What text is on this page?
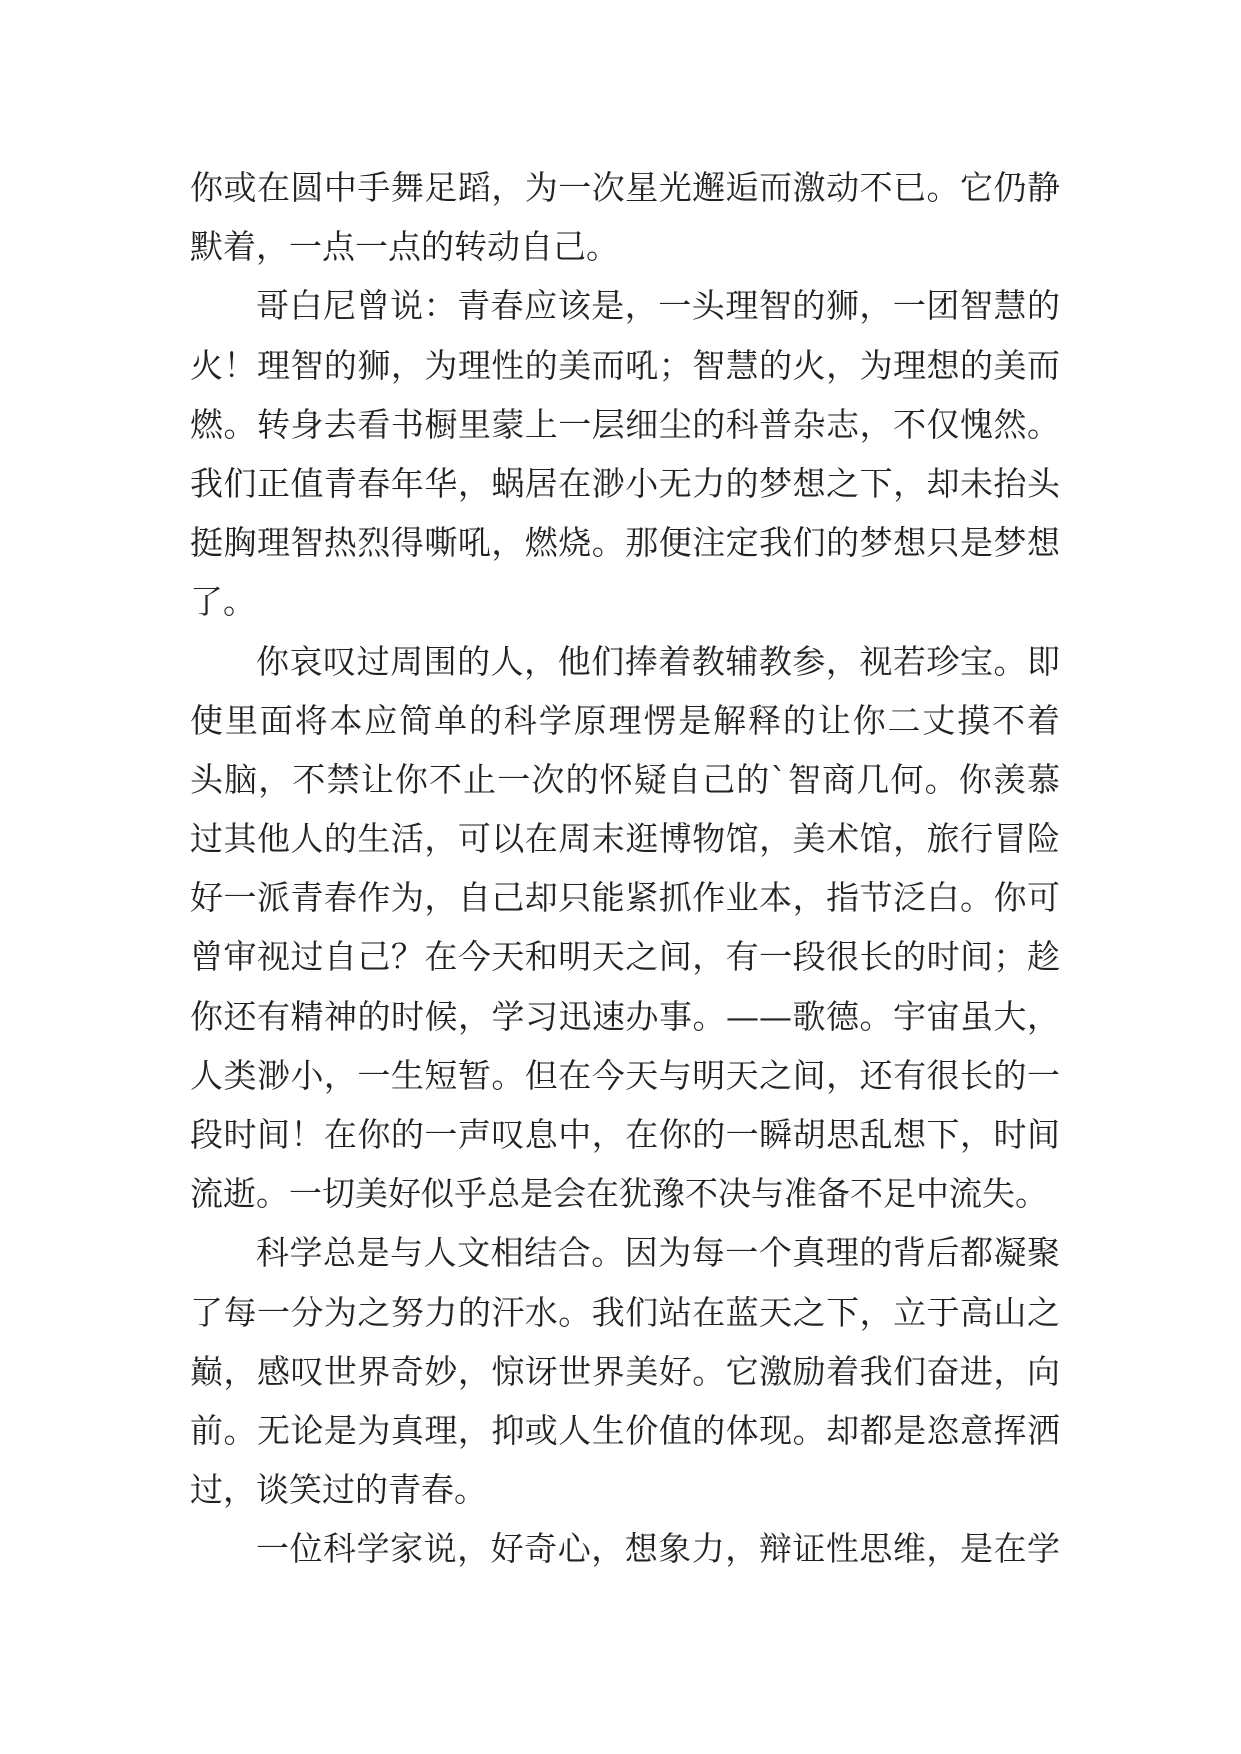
你或在圆中手舞足蹈，为一次星光邂逅而激动不已。它仍静
默着，一点一点的转动自己。
哥白尼曾说：青春应该是，一头理智的狮，一团智慧的
火！理智的狮，为理性的美而吼；智慧的火，为理想的美而
燃。转身去看书橱里蒙上一层细尘的科普杂志，不仅愧然。
我们正值青春年华，蜗居在渺小无力的梦想之下，却未抬头
挺胸理智热烈得嘶吼，燃烧。那便注定我们的梦想只是梦想
了。
你哀叹过周围的人，他们捧着教辅教参，视若珍宝。即
使里面将本应简单的科学原理愣是解释的让你二丈摸不着
头脑，不禁让你不止一次的怀疑自己的`智商几何。你羡慕
过其他人的生活，可以在周末逛博物馆，美术馆，旅行冒险
好一派青春作为，自己却只能紧抓作业本，指节泛白。你可
曾审视过自己？在今天和明天之间，有一段很长的时间；趁
你还有精神的时候，学习迅速办事。——歌德。宇宙虽大，
人类渺小，一生短暂。但在今天与明天之间，还有很长的一
段时间！在你的一声叹息中，在你的一瞬胡思乱想下，时间
流逝。一切美好似乎总是会在犹豫不决与准备不足中流失。
科学总是与人文相结合。因为每一个真理的背后都凝聚
了每一分为之努力的汗水。我们站在蓝天之下，立于高山之
巅，感叹世界奇妙，惊讶世界美好。它激励着我们奋进，向
前。无论是为真理，抑或人生价值的体现。却都是恣意挥洒
过，谈笑过的青春。
一位科学家说，好奇心，想象力，辩证性思维，是在学
